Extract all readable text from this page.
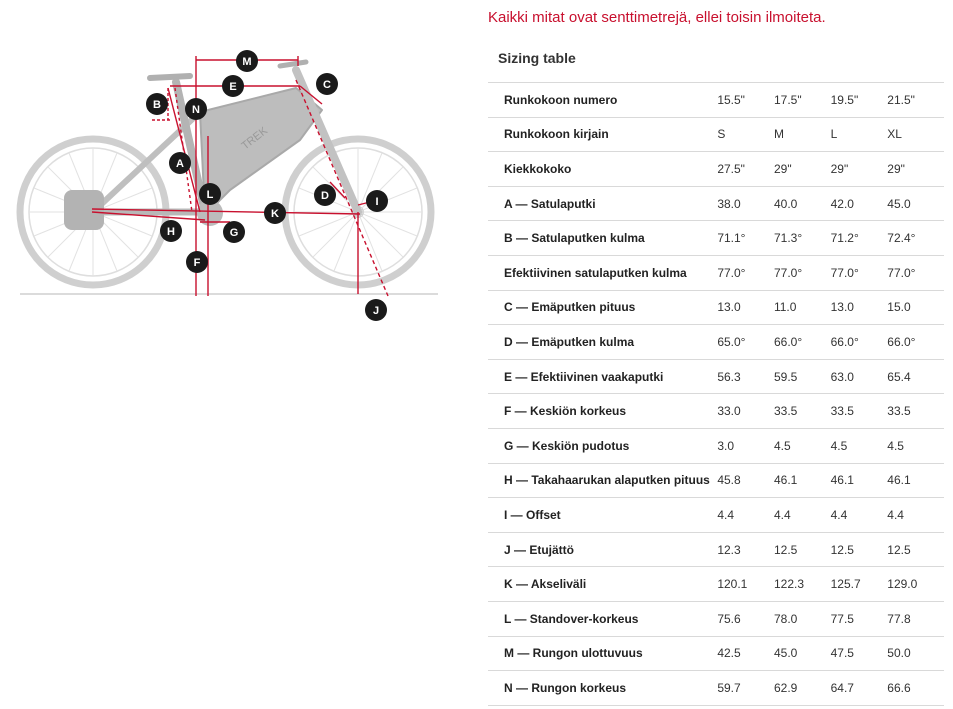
TREK
M
E	C
B	N
A
L	D	I
K
H	G
F
J
Kaikki mitat ovat senttimetrejä, ellei toisin ilmoiteta.
Sizing table
Runkokoon numero	15.5"	17.5"	19.5"	21.5"
Runkokoon kirjain	S	M	L	XL
Kiekkokoko	27.5"	29"	29"	29"
A — Satulaputki	38.0	40.0	42.0	45.0
B — Satulaputken kulma	71.1°	71.3°	71.2°	72.4°
Efektiivinen satulaputken kulma	77.0°	77.0°	77.0°	77.0°
C — Emäputken pituus	13.0	11.0	13.0	15.0
D — Emäputken kulma	65.0°	66.0°	66.0°	66.0°
E — Efektiivinen vaakaputki	56.3	59.5	63.0	65.4
F — Keskiön korkeus	33.0	33.5	33.5	33.5
G — Keskiön pudotus	3.0	4.5	4.5	4.5
H — Takahaarukan alaputken pituus	45.8	46.1	46.1	46.1
I — Offset	4.4	4.4	4.4	4.4
J — Etujättö	12.3	12.5	12.5	12.5
K — Akseliväli	120.1	122.3	125.7	129.0
L — Standover-korkeus	75.6	78.0	77.5	77.8
M — Rungon ulottuvuus	42.5	45.0	47.5	50.0
N — Rungon korkeus	59.7	62.9	64.7	66.6
